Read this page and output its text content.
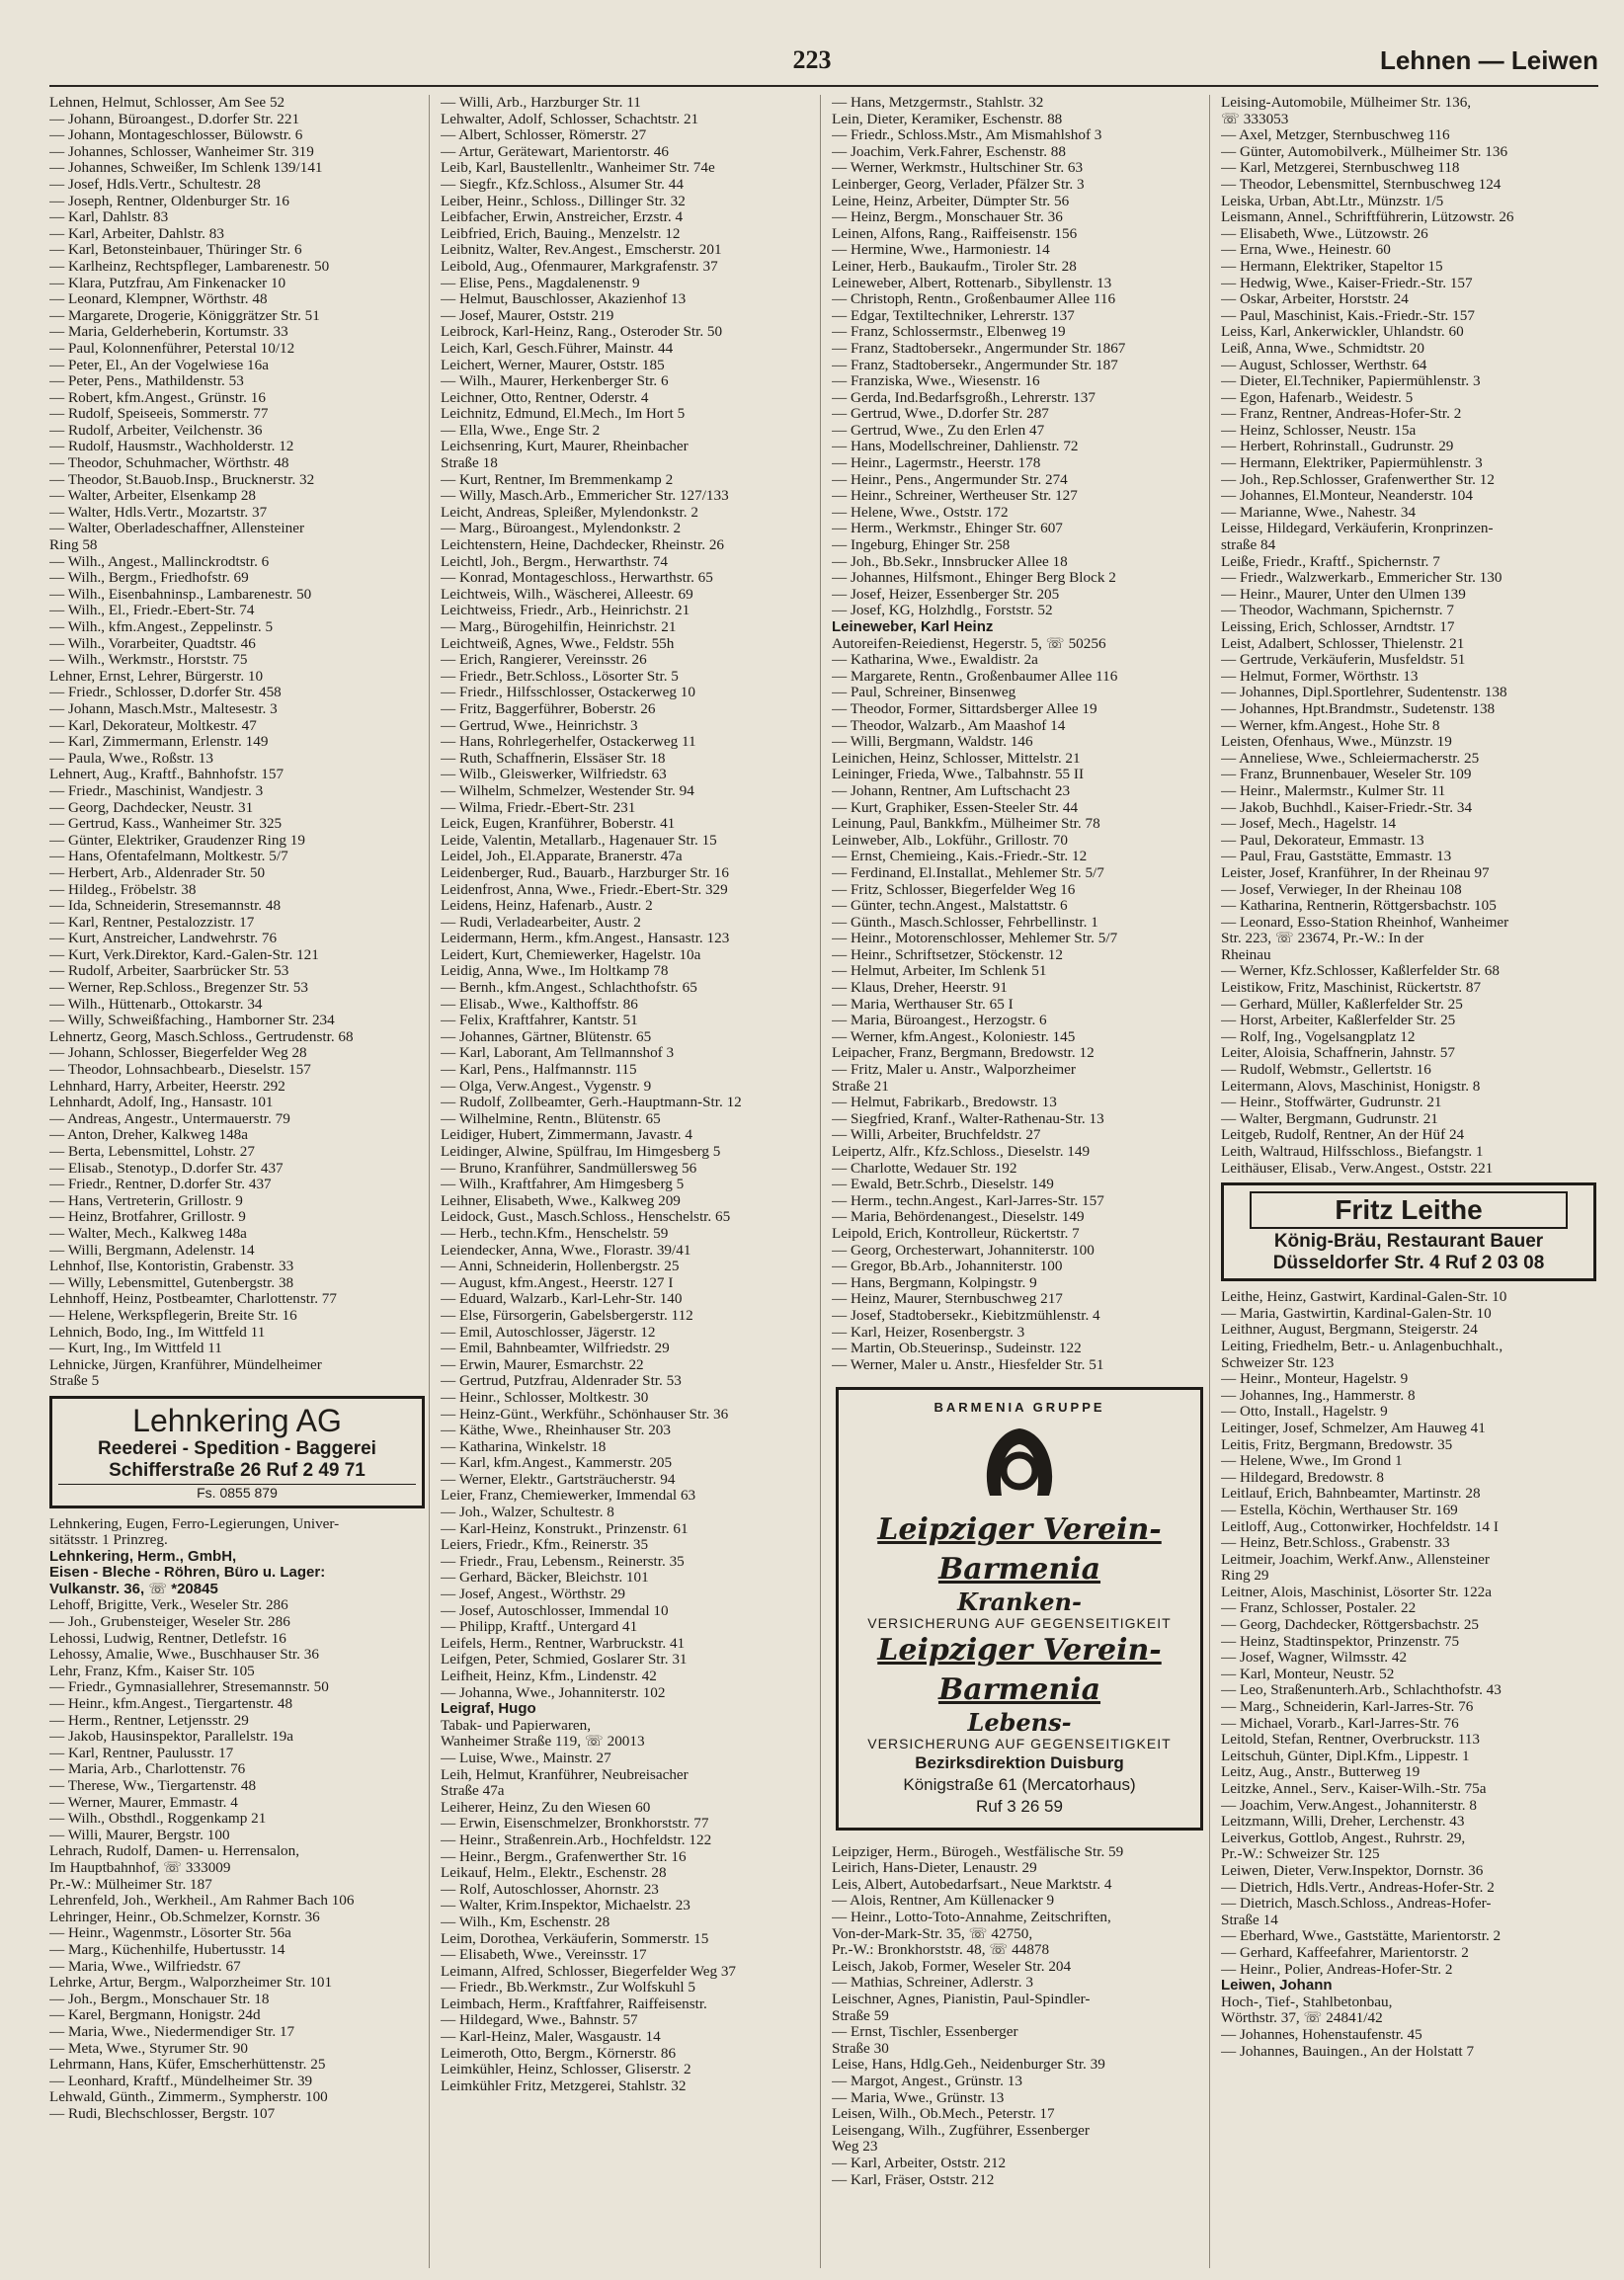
223	Lehnen — Leiwen
Lehnen, Helmut, Schlosser, Am See 52
— Johann, Büroangest., D.dorfer Str. 221
— Johann, Montageschlosser, Bülowstr. 6
— Johannes, Schlosser, Wanheimer Str. 319
— Johannes, Schweißer, Im Schlenk 139/141
— Josef, Hdls.Vertr., Schultestr. 28
— Joseph, Rentner, Oldenburger Str. 16
— Karl, Dahlstr. 83
— Karl, Arbeiter, Dahlstr. 83
— Karl, Betonsteinbauer, Thüringer Str. 6
— Karlheinz, Rechtspfleger, Lambarenestr. 50
— Klara, Putzfrau, Am Finkenacker 10
— Leonard, Klempner, Wörthstr. 48
— Margarete, Drogerie, Königgrätzer Str. 51
— Maria, Gelderheberin, Kortumstr. 33
— Paul, Kolonnenführer, Peterstal 10/12
— Peter, El., An der Vogelwiese 16a
— Peter, Pens., Mathildenstr. 53
— Robert, kfm.Angest., Grünstr. 16
— Rudolf, Speiseeis, Sommerstr. 77
— Rudolf, Arbeiter, Veilchenstr. 36
— Rudolf, Hausmstr., Wachholderstr. 12
— Theodor, Schuhmacher, Wörthstr. 48
— Theodor, St.Bauob.Insp., Brucknerstr. 32
— Walter, Arbeiter, Elsenkamp 28
— Walter, Hdls.Vertr., Mozartstr. 37
— Walter, Oberladeschaffner, Allensteiner
Ring 58
— Wilh., Angest., Mallinckrodtstr. 6
— Wilh., Bergm., Friedhofstr. 69
— Wilh., Eisenbahninsp., Lambarenestr. 50
— Wilh., El., Friedr.-Ebert-Str. 74
— Wilh., kfm.Angest., Zeppelinstr. 5
— Wilh., Vorarbeiter, Quadtstr. 46
— Wilh., Werkmstr., Horststr. 75
Lehner, Ernst, Lehrer, Bürgerstr. 10
— Friedr., Schlosser, D.dorfer Str. 458
— Johann, Masch.Mstr., Maltesestr. 3
— Karl, Dekorateur, Moltkestr. 47
— Karl, Zimmermann, Erlenstr. 149
— Paula, Wwe., Roßstr. 13
Lehnert, Aug., Kraftf., Bahnhofstr. 157
— Friedr., Maschinist, Wandjestr. 3
— Georg, Dachdecker, Neustr. 31
— Gertrud, Kass., Wanheimer Str. 325
— Günter, Elektriker, Graudenzer Ring 19
— Hans, Ofentafelmann, Moltkestr. 5/7
— Herbert, Arb., Aldenrader Str. 50
— Hildeg., Fröbelstr. 38
— Ida, Schneiderin, Stresemannstr. 48
— Karl, Rentner, Pestalozzistr. 17
— Kurt, Anstreicher, Landwehrstr. 76
— Kurt, Verk.Direktor, Kard.-Galen-Str. 121
— Rudolf, Arbeiter, Saarbrücker Str. 53
— Werner, Rep.Schloss., Bregenzer Str. 53
— Wilh., Hüttenarb., Ottokarstr. 34
— Willy, Schweißfaching., Hamborner Str. 234
Lehnertz, Georg, Masch.Schloss., Gertrudenstr. 68
— Johann, Schlosser, Biegerfelder Weg 28
— Theodor, Lohnsachbearb., Dieselstr. 157
Lehnhard, Harry, Arbeiter, Heerstr. 292
Lehnhardt, Adolf, Ing., Hansastr. 101
— Andreas, Angestr., Untermauerstr. 79
— Anton, Dreher, Kalkweg 148a
— Berta, Lebensmittel, Lohstr. 27
— Elisab., Stenotyp., D.dorfer Str. 437
— Friedr., Rentner, D.dorfer Str. 437
— Hans, Vertreterin, Grillostr. 9
— Heinz, Brotfahrer, Grillostr. 9
— Walter, Mech., Kalkweg 148a
— Willi, Bergmann, Adelenstr. 14
Lehnhof, Ilse, Kontoristin, Grabenstr. 33
— Willy, Lebensmittel, Gutenbergstr. 38
Lehnhoff, Heinz, Postbeamter, Charlottenstr. 77
— Helene, Werkspflegerin, Breite Str. 16
Lehnich, Bodo, Ing., Im Wittfeld 11
— Kurt, Ing., Im Wittfeld 11
Lehnicke, Jürgen, Kranführer, Mündelheimer
Straße 5
Lehnkering AG
Reederei - Spedition - Baggerei
Schifferstraße 26 Ruf 2 49 71
Fs. 0855 879
Lehnkering, Eugen, Ferro-Legierungen, Univer-
sitätsstr. 1 Prinzreg.
Lehnkering, Herm., GmbH,
Eisen - Bleche - Röhren, Büro u. Lager:
Vulkanstr. 36, ☏ *20845
Lehoff, Brigitte, Verk., Weseler Str. 286
— Joh., Grubensteiger, Weseler Str. 286
Lehossi, Ludwig, Rentner, Detlefstr. 16
Lehossy, Amalie, Wwe., Buschhauser Str. 36
Lehr, Franz, Kfm., Kaiser Str. 105
— Friedr., Gymnasiallehrer, Stresemannstr. 50
— Heinr., kfm.Angest., Tiergartenstr. 48
— Herm., Rentner, Letjensstr. 29
— Jakob, Hausinspektor, Parallelstr. 19a
— Karl, Rentner, Paulusstr. 17
— Maria, Arb., Charlottenstr. 76
— Therese, Ww., Tiergartenstr. 48
— Werner, Maurer, Emmastr. 4
— Wilh., Obsthdl., Roggenkamp 21
— Willi, Maurer, Bergstr. 100
Lehrach, Rudolf, Damen- u. Herrensalon,
Im Hauptbahnhof, ☏ 333009
Pr.-W.: Mülheimer Str. 187
Lehrenfeld, Joh., Werkheil., Am Rahmer Bach 106
Lehringer, Heinr., Ob.Schmelzer, Kornstr. 36
— Heinr., Wagenmstr., Lösorter Str. 56a
— Marg., Küchenhilfe, Hubertusstr. 14
— Maria, Wwe., Wilfriedstr. 67
Lehrke, Artur, Bergm., Walporzheimer Str. 101
— Joh., Bergm., Monschauer Str. 18
— Karel, Bergmann, Honigstr. 24d
— Maria, Wwe., Niedermendiger Str. 17
— Meta, Wwe., Styrumer Str. 90
Lehrmann, Hans, Küfer, Emscherhüttenstr. 25
— Leonhard, Kraftf., Mündelheimer Str. 39
Lehwald, Günth., Zimmerm., Sympherstr. 100
— Rudi, Blechschlosser, Bergstr. 107
— Willi, Arb., Harzburger Str. 11
Lehwalter, Adolf, Schlosser, Schachtstr. 21
— Albert, Schlosser, Römerstr. 27
— Artur, Gerätewart, Marientorstr. 46
Leib, Karl, Baustellenltr., Wanheimer Str. 74e
— Siegfr., Kfz.Schloss., Alsumer Str. 44
Leiber, Heinr., Schloss., Dillinger Str. 32
Leibfacher, Erwin, Anstreicher, Erzstr. 4
Leibfried, Erich, Bauing., Menzelstr. 12
Leibnitz, Walter, Rev.Angest., Emscherstr. 201
Leibold, Aug., Ofenmaurer, Markgrafenstr. 37
— Elise, Pens., Magdalenenstr. 9
— Helmut, Bauschlosser, Akazienhof 13
— Josef, Maurer, Oststr. 219
Leibrock, Karl-Heinz, Rang., Osteroder Str. 50
Leich, Karl, Gesch.Führer, Mainstr. 44
Leichert, Werner, Maurer, Oststr. 185
— Wilh., Maurer, Herkenberger Str. 6
Leichner, Otto, Rentner, Oderstr. 4
Leichnitz, Edmund, El.Mech., Im Hort 5
— Ella, Wwe., Enge Str. 2
Leichsenring, Kurt, Maurer, Rheinbacher
Straße 18
— Kurt, Rentner, Im Bremmenkamp 2
— Willy, Masch.Arb., Emmericher Str. 127/133
Leicht, Andreas, Spleißer, Mylendonkstr. 2
— Marg., Büroangest., Mylendonkstr. 2
Leichtenstern, Heine, Dachdecker, Rheinstr. 26
Leichtl, Joh., Bergm., Herwarthstr. 74
— Konrad, Montageschloss., Herwarthstr. 65
Leichtweis, Wilh., Wäscherei, Alleestr. 69
Leichtweiss, Friedr., Arb., Heinrichstr. 21
— Marg., Bürogehilfin, Heinrichstr. 21
Leichtweiß, Agnes, Wwe., Feldstr. 55h
— Erich, Rangierer, Vereinsstr. 26
— Friedr., Betr.Schloss., Lösorter Str. 5
— Friedr., Hilfsschlosser, Ostackerweg 10
— Fritz, Baggerführer, Boberstr. 26
— Gertrud, Wwe., Heinrichstr. 3
— Hans, Rohrlegerhelfer, Ostackerweg 11
— Ruth, Schaffnerin, Elssäser Str. 18
— Wilb., Gleiswerker, Wilfriedstr. 63
— Wilhelm, Schmelzer, Westender Str. 94
— Wilma, Friedr.-Ebert-Str. 231
Leick, Eugen, Kranführer, Boberstr. 41
Leide, Valentin, Metallarb., Hagenauer Str. 15
Leidel, Joh., El.Apparate, Branerstr. 47a
Leidenberger, Rud., Bauarb., Harzburger Str. 16
Leidenfrost, Anna, Wwe., Friedr.-Ebert-Str. 329
Leidens, Heinz, Hafenarb., Austr. 2
— Rudi, Verladearbeiter, Austr. 2
Leidermann, Herm., kfm.Angest., Hansastr. 123
Leidert, Kurt, Chemiewerker, Hagelstr. 10a
Leidig, Anna, Wwe., Im Holtkamp 78
— Bernh., kfm.Angest., Schlachthofstr. 65
— Elisab., Wwe., Kalthoffstr. 86
— Felix, Kraftfahrer, Kantstr. 51
— Johannes, Gärtner, Blütenstr. 65
— Karl, Laborant, Am Tellmannshof 3
— Karl, Pens., Halfmannstr. 115
— Olga, Verw.Angest., Vygenstr. 9
— Rudolf, Zollbeamter, Gerh.-Hauptmann-Str. 12
— Wilhelmine, Rentn., Blütenstr. 65
Leidiger, Hubert, Zimmermann, Javastr. 4
Leidinger, Alwine, Spülfrau, Im Himgesberg 5
— Bruno, Kranführer, Sandmüllersweg 56
— Wilh., Kraftfahrer, Am Himgesberg 5
Leihner, Elisabeth, Wwe., Kalkweg 209
Leidock, Gust., Masch.Schloss., Henschelstr. 65
— Herb., techn.Kfm., Henschelstr. 59
Leiendecker, Anna, Wwe., Florastr. 39/41
— Anni, Schneiderin, Hollenbergstr. 25
— August, kfm.Angest., Heerstr. 127 I
— Eduard, Walzarb., Karl-Lehr-Str. 140
— Else, Fürsorgerin, Gabelsbergerstr. 112
— Emil, Autoschlosser, Jägerstr. 12
— Emil, Bahnbeamter, Wilfriedstr. 29
— Erwin, Maurer, Esmarchstr. 22
— Gertrud, Putzfrau, Aldenrader Str. 53
— Heinr., Schlosser, Moltkestr. 30
— Heinz-Günt., Werkführ., Schönhauser Str. 36
— Käthe, Wwe., Rheinhauser Str. 203
— Katharina, Winkelstr. 18
— Karl, kfm.Angest., Kammerstr. 205
— Werner, Elektr., Gartsträucherstr. 94
Leier, Franz, Chemiewerker, Immendal 63
— Joh., Walzer, Schultestr. 8
— Karl-Heinz, Konstrukt., Prinzenstr. 61
Leiers, Friedr., Kfm., Reinerstr. 35
— Friedr., Frau, Lebensm., Reinerstr. 35
— Gerhard, Bäcker, Bleichstr. 101
— Josef, Angest., Wörthstr. 29
— Josef, Autoschlosser, Immendal 10
— Philipp, Kraftf., Untergard 41
Leifels, Herm., Rentner, Warbruckstr. 41
Leifgen, Peter, Schmied, Goslarer Str. 31
Leifheit, Heinz, Kfm., Lindenstr. 42
— Johanna, Wwe., Johanniterstr. 102
Leigraf, Hugo
Tabak- und Papierwaren,
Wanheimer Straße 119, ☏ 20013
— Luise, Wwe., Mainstr. 27
Leih, Helmut, Kranführer, Neubreisacher
Straße 47a
Leiherer, Heinz, Zu den Wiesen 60
— Erwin, Eisenschmelzer, Bronkhorststr. 77
— Heinr., Straßenrein.Arb., Hochfeldstr. 122
— Heinr., Bergm., Grafenwerther Str. 16
Leikauf, Helm., Elektr., Eschenstr. 28
— Rolf, Autoschlosser, Ahornstr. 23
— Walter, Krim.Inspektor, Michaelstr. 23
— Wilh., Km, Eschenstr. 28
Leim, Dorothea, Verkäuferin, Sommerstr. 15
— Elisabeth, Wwe., Vereinsstr. 17
Leimann, Alfred, Schlosser, Biegerfelder Weg 37
— Friedr., Bb.Werkmstr., Zur Wolfskuhl 5
Leimbach, Herm., Kraftfahrer, Raiffeisenstr.
— Hildegard, Wwe., Bahnstr. 57
— Karl-Heinz, Maler, Wasgaustr. 14
Leimeroth, Otto, Bergm., Körnerstr. 86
Leimkühler, Heinz, Schlosser, Gliserstr. 2
Leimkühler Fritz, Metzgerei, Stahlstr. 32
— Hans, Metzgermstr., Stahlstr. 32
Lein, Dieter, Keramiker, Eschenstr. 88
— Friedr., Schloss.Mstr., Am Mismahlshof 3
— Joachim, Verk.Fahrer, Eschenstr. 88
— Werner, Werkmstr., Hultschiner Str. 63
Leinberger, Georg, Verlader, Pfälzer Str. 3
Leine, Heinz, Arbeiter, Dümpter Str. 56
— Heinz, Bergm., Monschauer Str. 36
Leinen, Alfons, Rang., Raiffeisenstr. 156
— Hermine, Wwe., Harmoniestr. 14
Leiner, Herb., Baukaufm., Tiroler Str. 28
Leineweber, Albert, Rottenarb., Sibyllenstr. 13
— Christoph, Rentn., Großenbaumer Allee 116
— Edgar, Textiltechniker, Lehrerstr. 137
— Franz, Schlossermstr., Elbenweg 19
— Franz, Stadtobersekr., Angermunder Str. 1867
— Franz, Stadtobersekr., Angermunder Str. 187
— Franziska, Wwe., Wiesenstr. 16
— Gerda, Ind.Bedarfsgroßh., Lehrerstr. 137
— Gertrud, Wwe., D.dorfer Str. 287
— Gertrud, Wwe., Zu den Erlen 47
— Hans, Modellschreiner, Dahlienstr. 72
— Heinr., Lagermstr., Heerstr. 178
— Heinr., Pens., Angermunder Str. 274
— Heinr., Schreiner, Wertheuser Str. 127
— Helene, Wwe., Oststr. 172
— Herm., Werkmstr., Ehinger Str. 607
— Ingeburg, Ehinger Str. 258
— Joh., Bb.Sekr., Innsbrucker Allee 18
— Johannes, Hilfsmont., Ehinger Berg Block 2
— Josef, Heizer, Essenberger Str. 205
— Josef, KG, Holzhdlg., Forststr. 52
Leineweber, Karl Heinz
Autoreifen-Reiedienst, Hegerstr. 5, ☏ 50256
— Katharina, Wwe., Ewaldistr. 2a
— Margarete, Rentn., Großenbaumer Allee 116
— Paul, Schreiner, Binsenweg
— Theodor, Former, Sittardsberger Allee 19
— Theodor, Walzarb., Am Maashof 14
— Willi, Bergmann, Waldstr. 146
Leinichen, Heinz, Schlosser, Mittelstr. 21
Leininger, Frieda, Wwe., Talbahnstr. 55 II
— Johann, Rentner, Am Luftschacht 23
— Kurt, Graphiker, Essen-Steeler Str. 44
Leinung, Paul, Bankkfm., Mülheimer Str. 78
Leinweber, Alb., Lokführ., Grillostr. 70
— Ernst, Chemieing., Kais.-Friedr.-Str. 12
— Ferdinand, El.Installat., Mehlemer Str. 5/7
— Fritz, Schlosser, Biegerfelder Weg 16
— Günter, techn.Angest., Malstattstr. 6
— Günth., Masch.Schlosser, Fehrbellinstr. 1
— Heinr., Motorenschlosser, Mehlemer Str. 5/7
— Heinr., Schriftsetzer, Stöckenstr. 12
— Helmut, Arbeiter, Im Schlenk 51
— Klaus, Dreher, Heerstr. 91
— Maria, Werthauser Str. 65 I
— Maria, Büroangest., Herzogstr. 6
— Werner, kfm.Angest., Koloniestr. 145
Leipacher, Franz, Bergmann, Bredowstr. 12
— Fritz, Maler u. Anstr., Walporzheimer
Straße 21
— Helmut, Fabrikarb., Bredowstr. 13
— Siegfried, Kranf., Walter-Rathenau-Str. 13
— Willi, Arbeiter, Bruchfeldstr. 27
Leipertz, Alfr., Kfz.Schloss., Dieselstr. 149
— Charlotte, Wedauer Str. 192
— Ewald, Betr.Schrb., Dieselstr. 149
— Herm., techn.Angest., Karl-Jarres-Str. 157
— Maria, Behördenangest., Dieselstr. 149
Leipold, Erich, Kontrolleur, Rückertstr. 7
— Georg, Orchesterwart, Johanniterstr. 100
— Gregor, Bb.Arb., Johanniterstr. 100
— Hans, Bergmann, Kolpingstr. 9
— Heinz, Maurer, Sternbuschweg 217
— Josef, Stadtobersekr., Kiebitzmühlenstr. 4
— Karl, Heizer, Rosenbergstr. 3
— Martin, Ob.Steuerinsp., Sudeinstr. 122
— Werner, Maler u. Anstr., Hiesfelder Str. 51
BARMENIA GRUPPE
Leipziger Verein-Barmenia
Kranken-
VERSICHERUNG AUF GEGENSEITIGKEIT
Leipziger Verein-Barmenia
Lebens-
VERSICHERUNG AUF GEGENSEITIGKEIT
Bezirksdirektion Duisburg
Königstraße 61 (Mercatorhaus)
Ruf 3 26 59
Leipziger, Herm., Bürogeh., Westfälische Str. 59
Leirich, Hans-Dieter, Lenaustr. 29
Leis, Albert, Autobedarfsart., Neue Marktstr. 4
— Alois, Rentner, Am Küllenacker 9
— Heinr., Lotto-Toto-Annahme, Zeitschriften,
Von-der-Mark-Str. 35, ☏ 42750,
Pr.-W.: Bronkhorststr. 48, ☏ 44878
Leisch, Jakob, Former, Weseler Str. 204
— Mathias, Schreiner, Adlerstr. 3
Leischner, Agnes, Pianistin, Paul-Spindler-
Straße 59
— Ernst, Tischler, Essenberger
Straße 30
Leise, Hans, Hdlg.Geh., Neidenburger Str. 39
— Margot, Angest., Grünstr. 13
— Maria, Wwe., Grünstr. 13
Leisen, Wilh., Ob.Mech., Peterstr. 17
Leisengang, Wilh., Zugführer, Essenberger
Weg 23
— Karl, Arbeiter, Oststr. 212
— Karl, Fräser, Oststr. 212
Leising-Automobile, Mülheimer Str. 136,
☏ 333053
— Axel, Metzger, Sternbuschweg 116
— Günter, Automobilverk., Mülheimer Str. 136
— Karl, Metzgerei, Sternbuschweg 118
— Theodor, Lebensmittel, Sternbuschweg 124
Leiska, Urban, Abt.Ltr., Münzstr. 1/5
Leismann, Annel., Schriftführerin, Lützowstr. 26
— Elisabeth, Wwe., Lützowstr. 26
— Erna, Wwe., Heinestr. 60
— Hermann, Elektriker, Stapeltor 15
— Hedwig, Wwe., Kaiser-Friedr.-Str. 157
— Oskar, Arbeiter, Horststr. 24
— Paul, Maschinist, Kais.-Friedr.-Str. 157
Leiss, Karl, Ankerwickler, Uhlandstr. 60
Leiß, Anna, Wwe., Schmidtstr. 20
— August, Schlosser, Werthstr. 64
— Dieter, El.Techniker, Papiermühlenstr. 3
— Egon, Hafenarb., Weidestr. 5
— Franz, Rentner, Andreas-Hofer-Str. 2
— Heinz, Schlosser, Neustr. 15a
— Herbert, Rohrinstall., Gudrunstr. 29
— Hermann, Elektriker, Papiermühlenstr. 3
— Joh., Rep.Schlosser, Grafenwerther Str. 12
— Johannes, El.Monteur, Neanderstr. 104
— Marianne, Wwe., Nahestr. 34
Leisse, Hildegard, Verkäuferin, Kronprinzen-
straße 84
Leiße, Friedr., Kraftf., Spichernstr. 7
— Friedr., Walzwerkarb., Emmericher Str. 130
— Heinr., Maurer, Unter den Ulmen 139
— Theodor, Wachmann, Spichernstr. 7
Leissing, Erich, Schlosser, Arndtstr. 17
Leist, Adalbert, Schlosser, Thielenstr. 21
— Gertrude, Verkäuferin, Musfeldstr. 51
— Helmut, Former, Wörthstr. 13
— Johannes, Dipl.Sportlehrer, Sudentenstr. 138
— Johannes, Hpt.Brandmstr., Sudetenstr. 138
— Werner, kfm.Angest., Hohe Str. 8
Leisten, Ofenhaus, Wwe., Münzstr. 19
— Anneliese, Wwe., Schleiermacherstr. 25
— Franz, Brunnenbauer, Weseler Str. 109
— Heinr., Malermstr., Kulmer Str. 11
— Jakob, Buchhdl., Kaiser-Friedr.-Str. 34
— Josef, Mech., Hagelstr. 14
— Paul, Dekorateur, Emmastr. 13
— Paul, Frau, Gaststätte, Emmastr. 13
Leister, Josef, Kranführer, In der Rheinau 97
— Josef, Verwieger, In der Rheinau 108
— Katharina, Rentnerin, Röttgersbachstr. 105
— Leonard, Esso-Station Rheinhof, Wanheimer
Str. 223, ☏ 23674, Pr.-W.: In der
Rheinau
— Werner, Kfz.Schlosser, Kaßlerfelder Str. 68
Leistikow, Fritz, Maschinist, Rückertstr. 87
— Gerhard, Müller, Kaßlerfelder Str. 25
— Horst, Arbeiter, Kaßlerfelder Str. 25
— Rolf, Ing., Vogelsangplatz 12
Leiter, Aloisia, Schaffnerin, Jahnstr. 57
— Rudolf, Webmstr., Gellertstr. 16
Leitermann, Alovs, Maschinist, Honigstr. 8
— Heinr., Stoffwärter, Gudrunstr. 21
— Walter, Bergmann, Gudrunstr. 21
Leitgeb, Rudolf, Rentner, An der Hüf 24
Leith, Waltraud, Hilfsschloss., Biefangstr. 1
Leithäuser, Elisab., Verw.Angest., Oststr. 221
Fritz Leithe
König-Bräu, Restaurant Bauer
Düsseldorfer Str. 4 Ruf 2 03 08
Leithe, Heinz, Gastwirt, Kardinal-Galen-Str. 10
— Maria, Gastwirtin, Kardinal-Galen-Str. 10
Leithner, August, Bergmann, Steigerstr. 24
Leiting, Friedhelm, Betr.- u. Anlagenbuchhalt.,
Schweizer Str. 123
— Heinr., Monteur, Hagelstr. 9
— Johannes, Ing., Hammerstr. 8
— Otto, Install., Hagelstr. 9
Leitinger, Josef, Schmelzer, Am Hauweg 41
Leitis, Fritz, Bergmann, Bredowstr. 35
— Helene, Wwe., Im Grond 1
— Hildegard, Bredowstr. 8
Leitlauf, Erich, Bahnbeamter, Martinstr. 28
— Estella, Köchin, Werthauser Str. 169
Leitloff, Aug., Cottonwirker, Hochfeldstr. 14 I
— Heinz, Betr.Schloss., Grabenstr. 33
Leitmeir, Joachim, Werkf.Anw., Allensteiner
Ring 29
Leitner, Alois, Maschinist, Lösorter Str. 122a
— Franz, Schlosser, Postaler. 22
— Georg, Dachdecker, Röttgersbachstr. 25
— Heinz, Stadtinspektor, Prinzenstr. 75
— Josef, Wagner, Wilmsstr. 42
— Karl, Monteur, Neustr. 52
— Leo, Straßenunterh.Arb., Schlachthofstr. 43
— Marg., Schneiderin, Karl-Jarres-Str. 76
— Michael, Vorarb., Karl-Jarres-Str. 76
Leitold, Stefan, Rentner, Overbruckstr. 113
Leitschuh, Günter, Dipl.Kfm., Lippestr. 1
Leitz, Aug., Anstr., Butterweg 19
Leitzke, Annel., Serv., Kaiser-Wilh.-Str. 75a
— Joachim, Verw.Angest., Johanniterstr. 8
Leitzmann, Willi, Dreher, Lerchenstr. 43
Leiverkus, Gottlob, Angest., Ruhrstr. 29,
Pr.-W.: Schweizer Str. 125
Leiwen, Dieter, Verw.Inspektor, Dornstr. 36
— Dietrich, Hdls.Vertr., Andreas-Hofer-Str. 2
— Dietrich, Masch.Schloss., Andreas-Hofer-
Straße 14
— Eberhard, Wwe., Gaststätte, Marientorstr. 2
— Gerhard, Kaffeefahrer, Marientorstr. 2
— Heinr., Polier, Andreas-Hofer-Str. 2
Leiwen, Johann
Hoch-, Tief-, Stahlbetonbau,
Wörthstr. 37, ☏ 24841/42
— Johannes, Hohenstaufenstr. 45
— Johannes, Bauingen., An der Holstatt 7
